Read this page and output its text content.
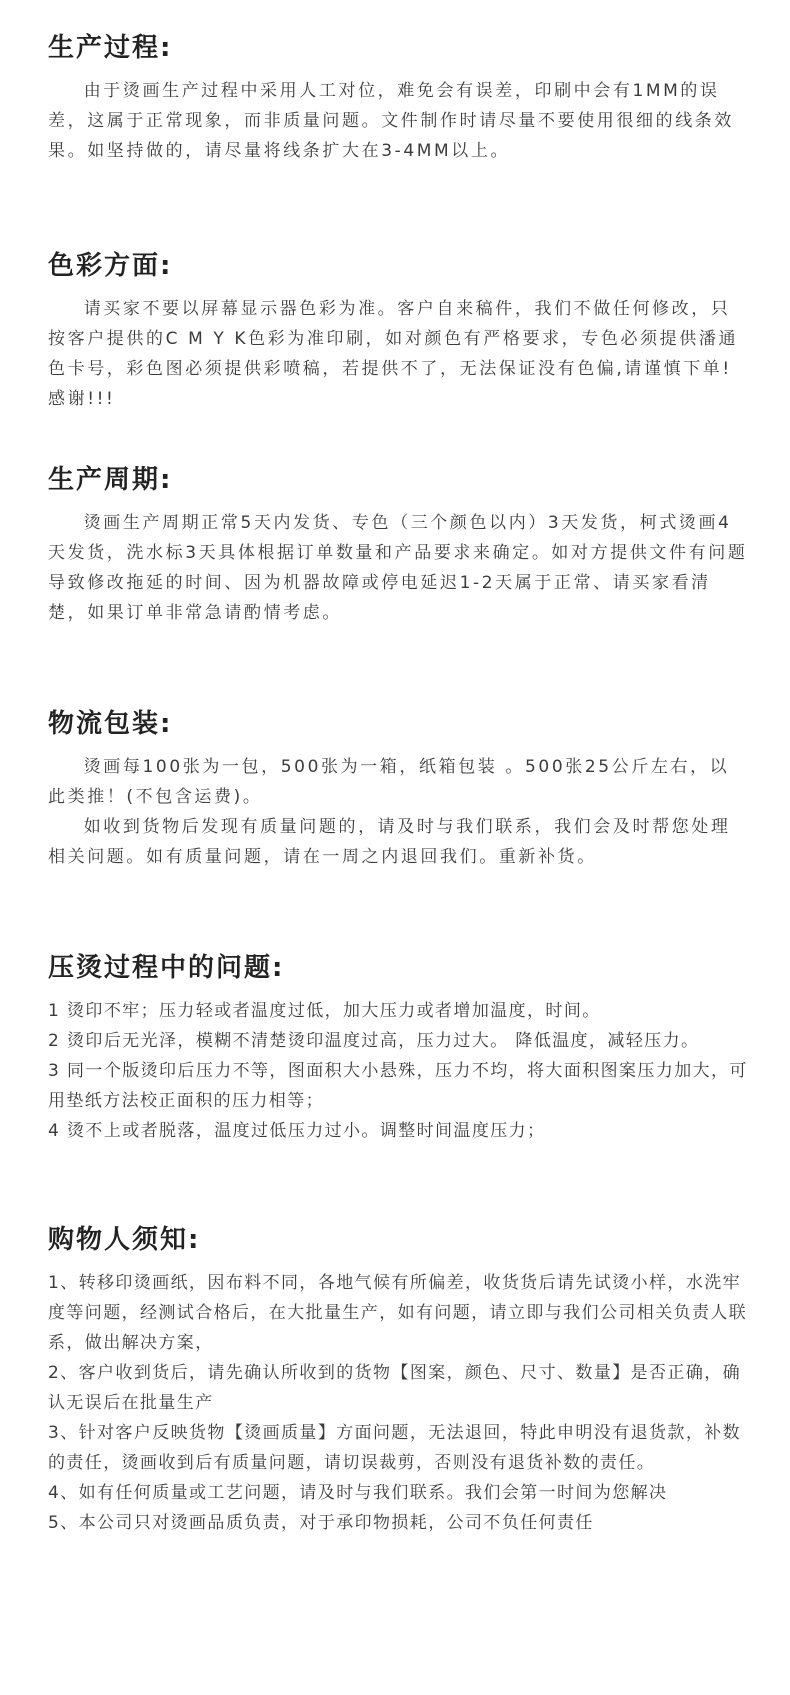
生产过程:

由于烫画生产过程中采用人工对位，难免会有误差，印刷中会有1MM的误差，这属于正常现象，而非质量问题。文件制作时请尽量不要使用很细的线条效果。如坚持做的，请尽量将线条扩大在3-4MM以上。

色彩方面:

请买家不要以屏幕显示器色彩为准。客户自来稿件，我们不做任何修改，只按客户提供的C M Y K色彩为准印刷，如对颜色有严格要求，专色必须提供潘通色卡号，彩色图必须提供彩喷稿，若提供不了，无法保证没有色偏,请谨慎下单!感谢!!!

生产周期:

烫画生产周期正常5天内发货、专色（三个颜色以内）3天发货，柯式烫画4天发货，洗水标3天具体根据订单数量和产品要求来确定。如对方提供文件有问题导致修改拖延的时间、因为机器故障或停电延迟1-2天属于正常、请买家看清楚，如果订单非常急请酌情考虑。

物流包装:

烫画每100张为一包，500张为一箱，纸箱包装 。500张25公斤左右，以此类推！(不包含运费)。

如收到货物后发现有质量问题的，请及时与我们联系，我们会及时帮您处理相关问题。如有质量问题，请在一周之内退回我们。重新补货。

压烫过程中的问题:

1 烫印不牢；压力轻或者温度过低，加大压力或者增加温度，时间。

2 烫印后无光泽，模糊不清楚烫印温度过高，压力过大。 降低温度，减轻压力。

3 同一个版烫印后压力不等，图面积大小悬殊，压力不均，将大面积图案压力加大，可用垫纸方法校正面积的压力相等；

4 烫不上或者脱落，温度过低压力过小。调整时间温度压力；

购物人须知:

1、转移印烫画纸，因布料不同，各地气候有所偏差，收货货后请先试烫小样，水洗牢度等问题，经测试合格后，在大批量生产，如有问题，请立即与我们公司相关负责人联系，做出解决方案，

2、客户收到货后，请先确认所收到的货物【图案，颜色、尺寸、数量】是否正确，确认无误后在批量生产

3、针对客户反映货物【烫画质量】方面问题，无法退回，特此申明没有退货款，补数的责任，烫画收到后有质量问题，请切误裁剪，否则没有退货补数的责任。

4、如有任何质量或工艺问题，请及时与我们联系。我们会第一时间为您解决

5、本公司只对烫画品质负责，对于承印物损耗，公司不负任何责任
